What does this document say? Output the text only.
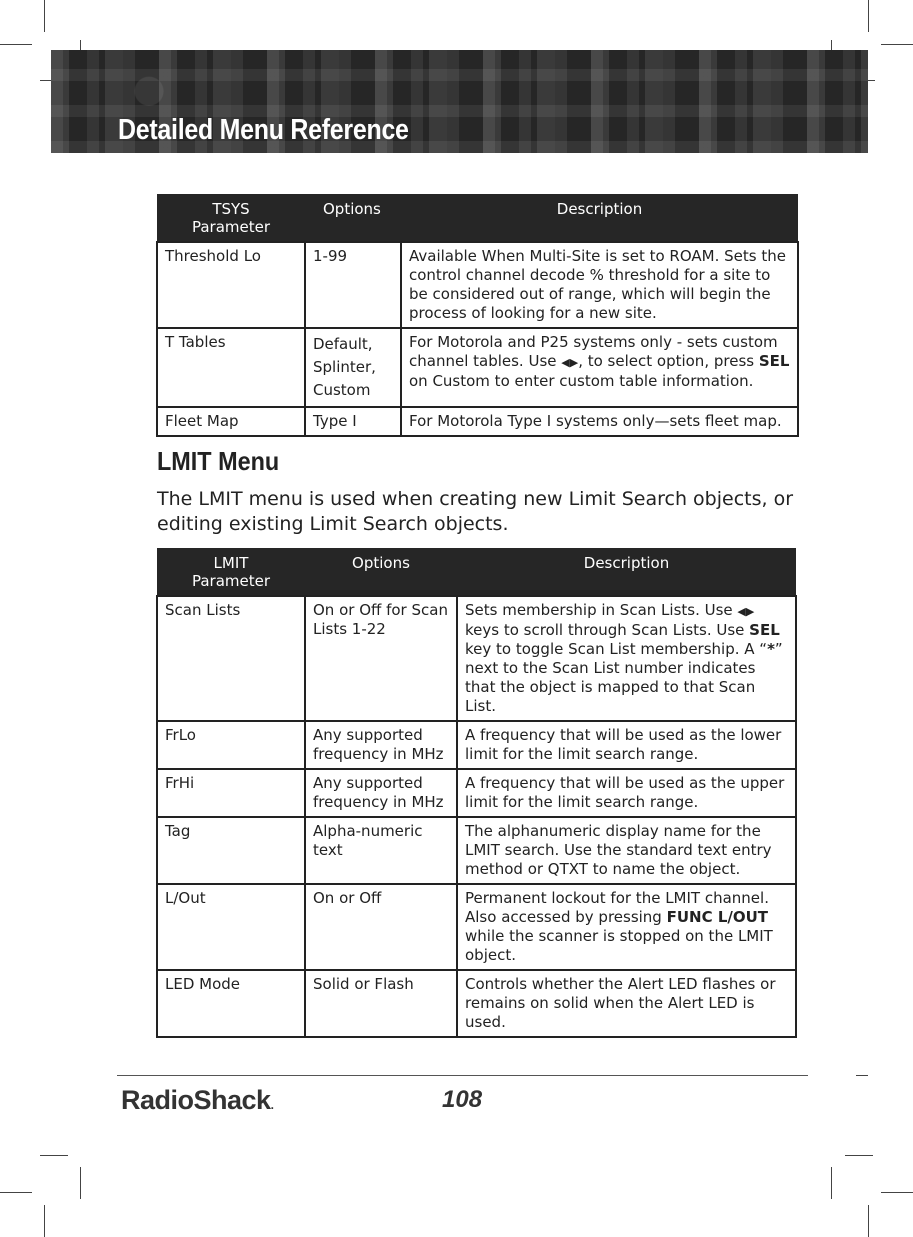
Detailed Menu Reference
TSYS Parameter	Options	Description
Threshold Lo	1-99	Available When Multi-Site is set to ROAM. Sets the control channel decode % threshold for a site to be considered out of range, which will begin the process of looking for a new site.
T Tables	Default, Splinter, Custom	For Motorola and P25 systems only - sets custom channel tables. Use ◀▶, to select option, press SEL on Custom to enter custom table information.
Fleet Map	Type I	For Motorola Type I systems only—sets fleet map.
LMIT Menu
The LMIT menu is used when creating new Limit Search objects, or editing existing Limit Search objects.
LMIT Parameter	Options	Description
Scan Lists	On or Off for Scan Lists 1-22	Sets membership in Scan Lists. Use ◀▶ keys to scroll through Scan Lists. Use SEL key to toggle Scan List membership. A “*” next to the Scan List number indicates that the object is mapped to that Scan List.
FrLo	Any supported frequency in MHz	A frequency that will be used as the lower limit for the limit search range.
FrHi	Any supported frequency in MHz	A frequency that will be used as the upper limit for the limit search range.
Tag	Alpha-numeric text	The alphanumeric display name for the LMIT search. Use the standard text entry method or QTXT to name the object.
L/Out	On or Off	Permanent lockout for the LMIT channel. Also accessed by pressing FUNC L/OUT while the scanner is stopped on the LMIT object.
LED Mode	Solid or Flash	Controls whether the Alert LED flashes or remains on solid when the Alert LED is used.
RadioShack.	108
